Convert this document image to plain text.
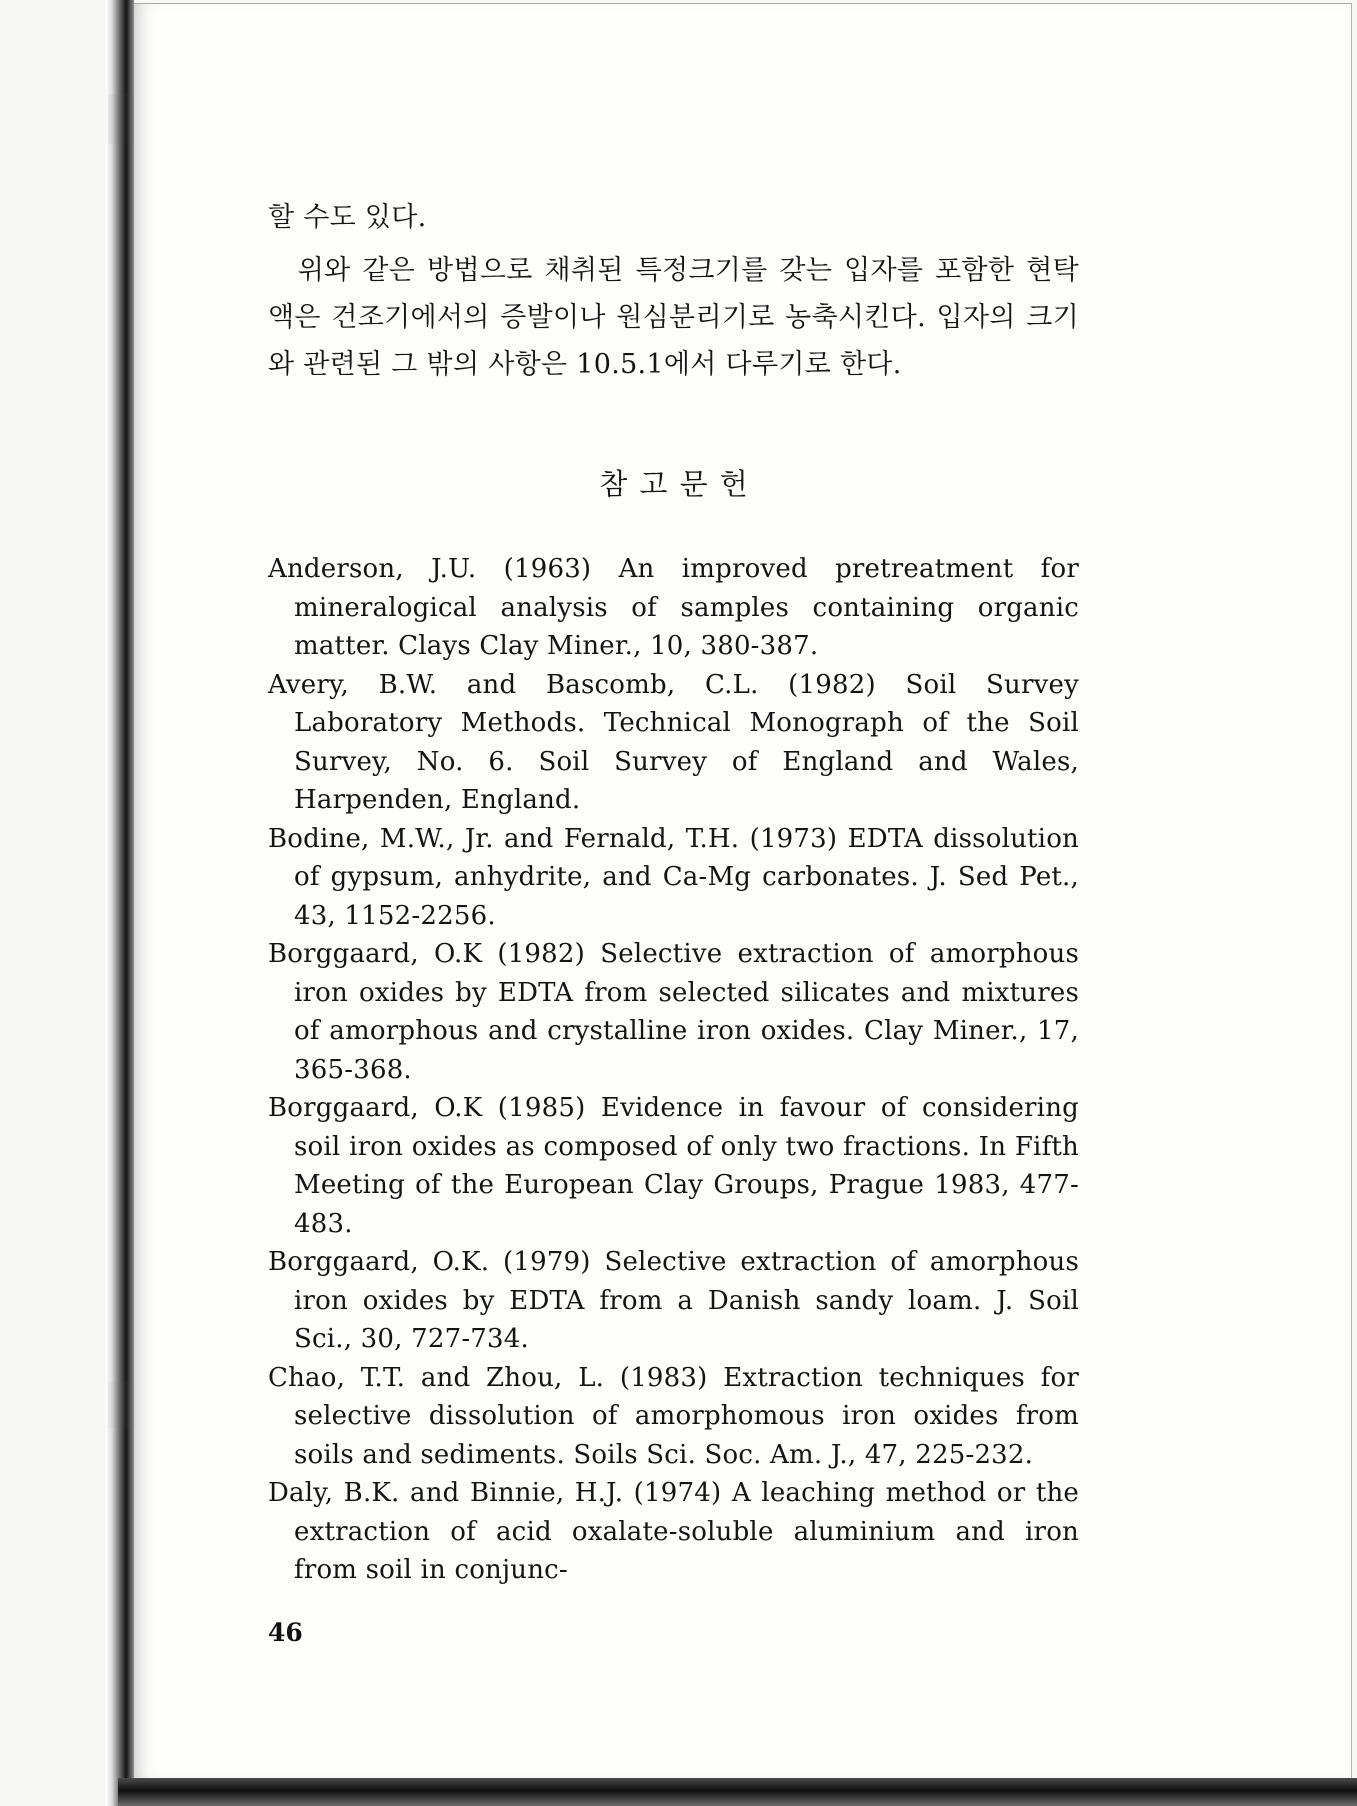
할 수도 있다.

위와 같은 방법으로 채취된 특정크기를 갖는 입자를 포함한 현탁액은 건조기에서의 증발이나 원심분리기로 농축시킨다. 입자의 크기와 관련된 그 밖의 사항은 10.5.1에서 다루기로 한다.

참고문헌

Anderson, J.U. (1963) An improved pretreatment for mineralogical analysis of samples containing organic matter. Clays Clay Miner., 10, 380-387.

Avery, B.W. and Bascomb, C.L. (1982) Soil Survey Laboratory Methods. Technical Monograph of the Soil Survey, No. 6. Soil Survey of England and Wales, Harpenden, England.

Bodine, M.W., Jr. and Fernald, T.H. (1973) EDTA dissolution of gypsum, anhydrite, and Ca-Mg carbonates. J. Sed Pet., 43, 1152-2256.

Borggaard, O.K (1982) Selective extraction of amorphous iron oxides by EDTA from selected silicates and mixtures of amorphous and crystalline iron oxides. Clay Miner., 17, 365-368.

Borggaard, O.K (1985) Evidence in favour of considering soil iron oxides as composed of only two fractions. In Fifth Meeting of the European Clay Groups, Prague 1983, 477-483.

Borggaard, O.K. (1979) Selective extraction of amorphous iron oxides by EDTA from a Danish sandy loam. J. Soil Sci., 30, 727-734.

Chao, T.T. and Zhou, L. (1983) Extraction techniques for selective dissolution of amorphomous iron oxides from soils and sediments. Soils Sci. Soc. Am. J., 47, 225-232.

Daly, B.K. and Binnie, H.J. (1974) A leaching method or the extraction of acid oxalate-soluble aluminium and iron from soil in conjunc-

46
